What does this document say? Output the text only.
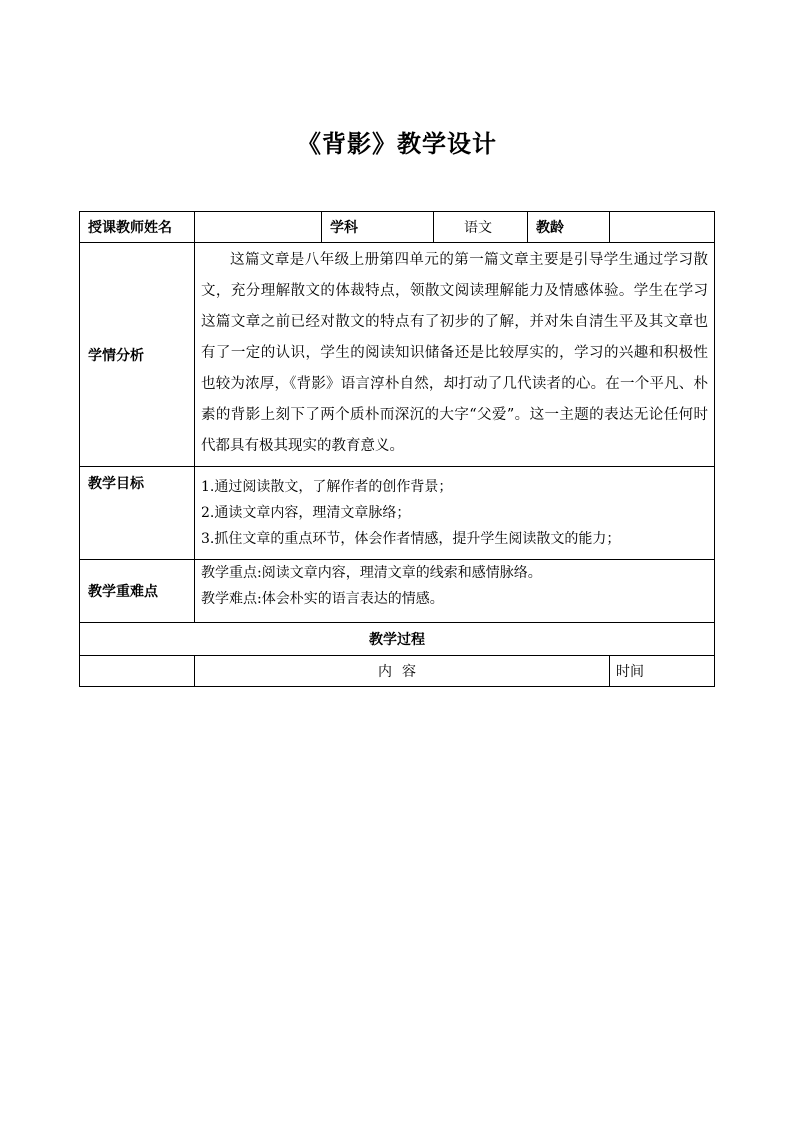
《背影》教学设计
授课教师姓名		学科	语文	教龄	
学情分析	这篇文章是八年级上册第四单元的第一篇文章主要是引导学生通过学习散文，充分理解散文的体裁特点，领散文阅读理解能力及情感体验。学生在学习这篇文章之前已经对散文的特点有了初步的了解，并对朱自清生平及其文章也有了一定的认识，学生的阅读知识储备还是比较厚实的，学习的兴趣和积极性也较为浓厚，《背影》语言淳朴自然，却打动了几代读者的心。在一个平凡、朴素的背影上刻下了两个质朴而深沉的大字“父爱”。这一主题的表达无论任何时代都具有极其现实的教育意义。				

教学目标	1.通过阅读散文，了解作者的创作背景；
2.通读文章内容，理清文章脉络；
3.抓住文章的重点环节，体会作者情感，提升学生阅读散文的能力；				

教学重难点	教学重点:阅读文章内容，理清文章的线索和感情脉络。
教学难点:体会朴实的语言表达的情感。				

教学过程					
	内容				时间
